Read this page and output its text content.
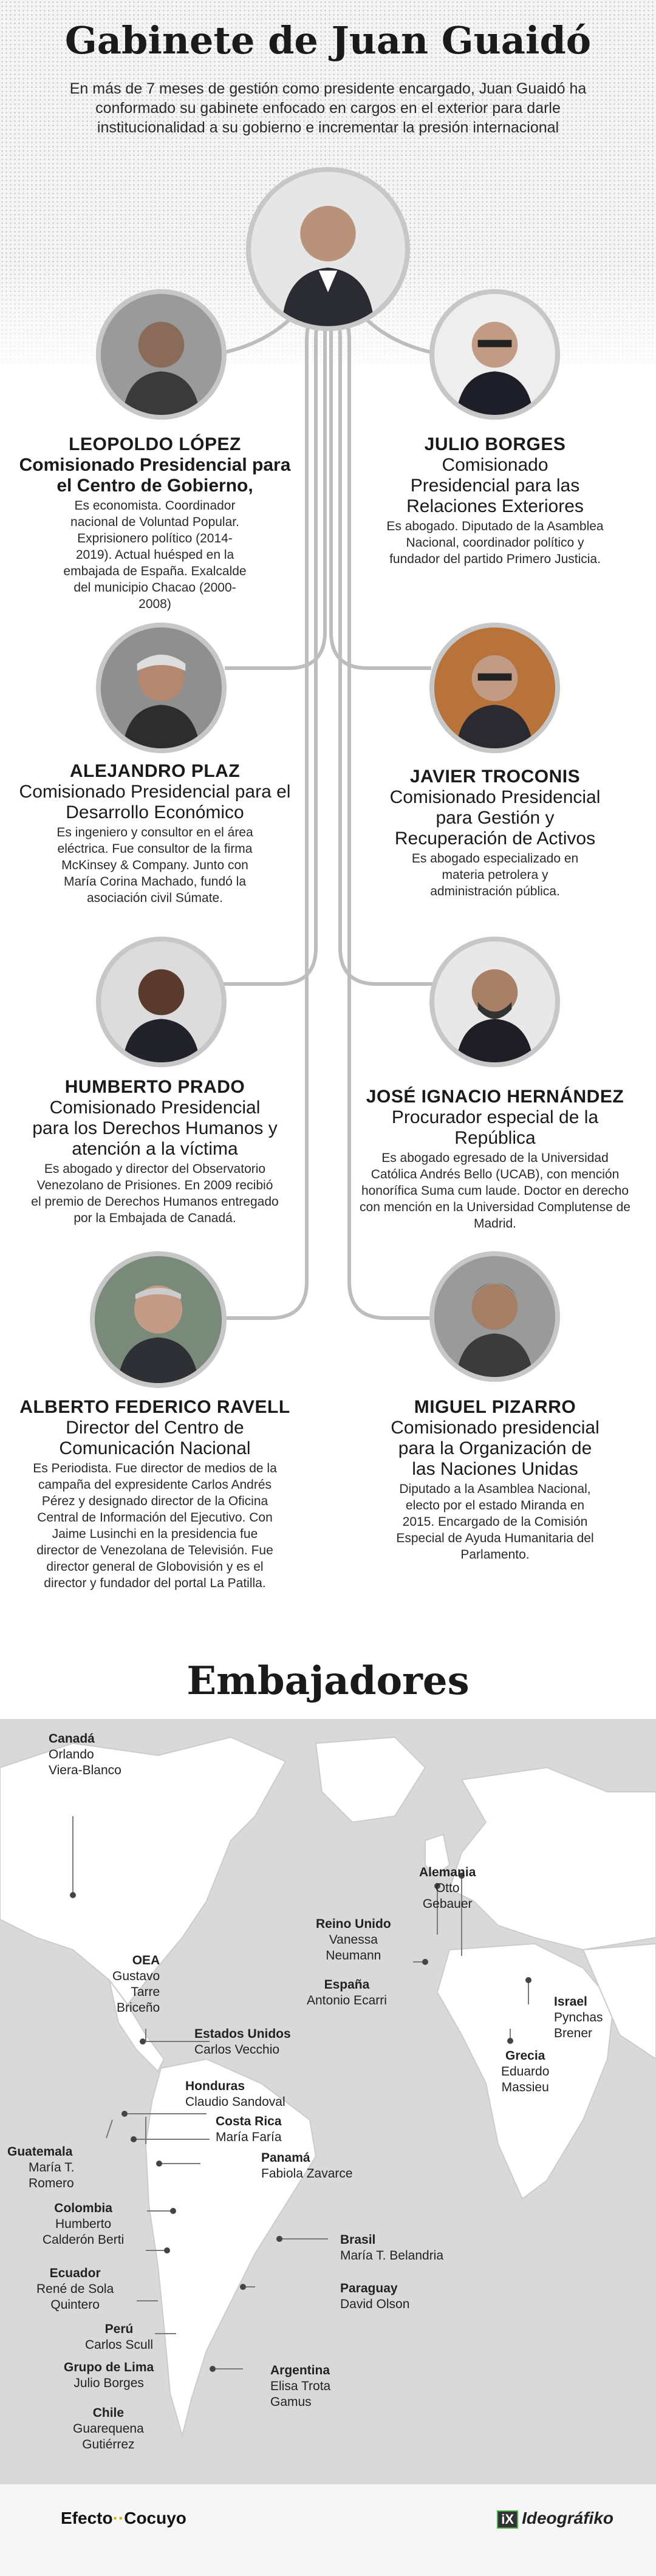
Gabinete de Juan Guaidó
En más de 7 meses de gestión como presidente encargado, Juan Guaidó ha conformado su gabinete enfocado en cargos en el exterior para darle institucionalidad a su gobierno e incrementar la presión internacional
LEOPOLDO LÓPEZ
Comisionado Presidencial para el Centro de Gobierno,
Es economista. Coordinador nacional de Voluntad Popular. Exprisionero político (2014-2019). Actual huésped en la embajada de España. Exalcalde del municipio Chacao (2000-2008)
JULIO BORGES
Comisionado Presidencial para las Relaciones Exteriores
Es abogado. Diputado de la Asamblea Nacional, coordinador político y fundador del partido Primero Justicia.
ALEJANDRO PLAZ
Comisionado Presidencial para el Desarrollo Económico
Es ingeniero y consultor en el área eléctrica. Fue consultor de la firma McKinsey & Company. Junto con María Corina Machado, fundó la asociación civil Súmate.
JAVIER TROCONIS
Comisionado Presidencial para Gestión y Recuperación de Activos
Es abogado especializado en materia petrolera y administración pública.
HUMBERTO PRADO
Comisionado Presidencial para los Derechos Humanos y atención a la víctima
Es abogado y director del Observatorio Venezolano de Prisiones. En 2009 recibió el premio de Derechos Humanos entregado por la Embajada de Canadá.
JOSÉ IGNACIO HERNÁNDEZ
Procurador especial de la República
Es abogado egresado de la Universidad Católica Andrés Bello (UCAB), con mención honorífica Suma cum laude. Doctor en derecho con mención en la Universidad Complutense de Madrid.
ALBERTO FEDERICO RAVELL
Director del Centro de Comunicación Nacional
Es Periodista. Fue director de medios de la campaña del expresidente Carlos Andrés Pérez y designado director de la Oficina Central de Información del Ejecutivo. Con Jaime Lusinchi en la presidencia fue director de Venezolana de Televisión. Fue director general de Globovisión y es el director y fundador del portal La Patilla.
MIGUEL PIZARRO
Comisionado presidencial para la Organización de las Naciones Unidas
Diputado a la Asamblea Nacional, electo por el estado Miranda en 2015. Encargado de la Comisión Especial de Ayuda Humanitaria del Parlamento.
Embajadores
Canadá
Orlando
Viera-Blanco
OEA
Gustavo
Tarre
Briceño
Estados Unidos
Carlos Vecchio
Honduras
Claudio Sandoval
Costa Rica
María Faría
Panamá
Fabiola Zavarce
Guatemala
María T.
Romero
Colombia
Humberto
Calderón Berti
Ecuador
René de Sola
Quintero
Perú
Carlos Scull
Grupo de Lima
Julio Borges
Chile
Guarequena
Gutiérrez
Brasil
María T. Belandria
Paraguay
David Olson
Argentina
Elisa Trota
Gamus
Alemania
Otto
Gebauer
Reino Unido
Vanessa
Neumann
España
Antonio Ecarri	Israel
Pynchas
Brener
Grecia
Eduardo
Massieu
Efecto··Cocuyo	iX Ideográfiko
